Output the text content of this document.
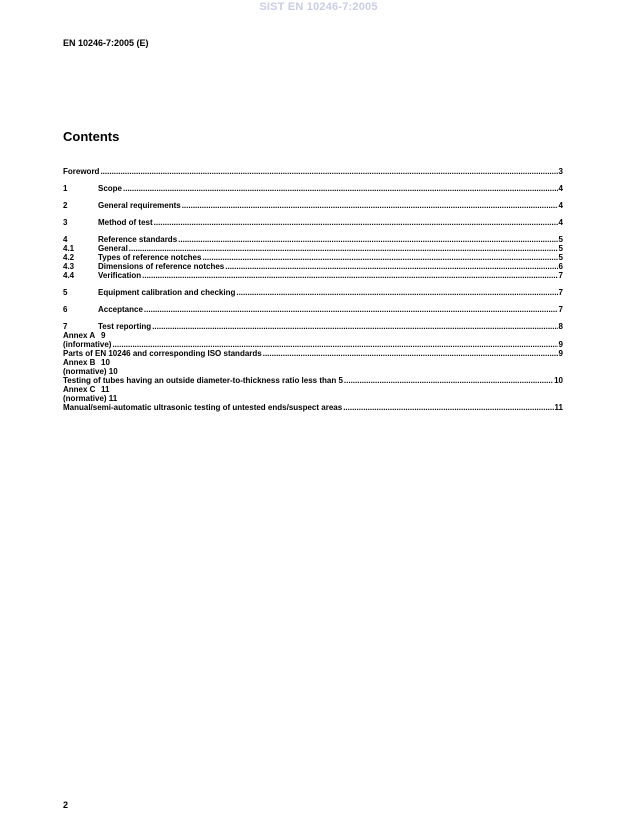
SIST EN 10246-7:2005
EN 10246-7:2005 (E)
Contents
Foreword .....	3
1	Scope .....	4
2	General requirements .....	4
3	Method of test .....	4
4	Reference standards .....	5
4.1	General .....	5
4.2	Types of reference notches .....	5
4.3	Dimensions of reference notches .....	6
4.4	Verification .....	7
5	Equipment calibration and checking .....	7
6	Acceptance .....	7
7	Test reporting .....	8
Annex A 9
(informative) .....	9
Parts of EN 10246 and corresponding ISO standards .....	9
Annex B 10
(normative) 10
Testing of tubes having an outside diameter-to-thickness ratio less than 5 .....	10
Annex C 11
(normative) 11
Manual/semi-automatic ultrasonic testing of untested ends/suspect areas .....	11
2
